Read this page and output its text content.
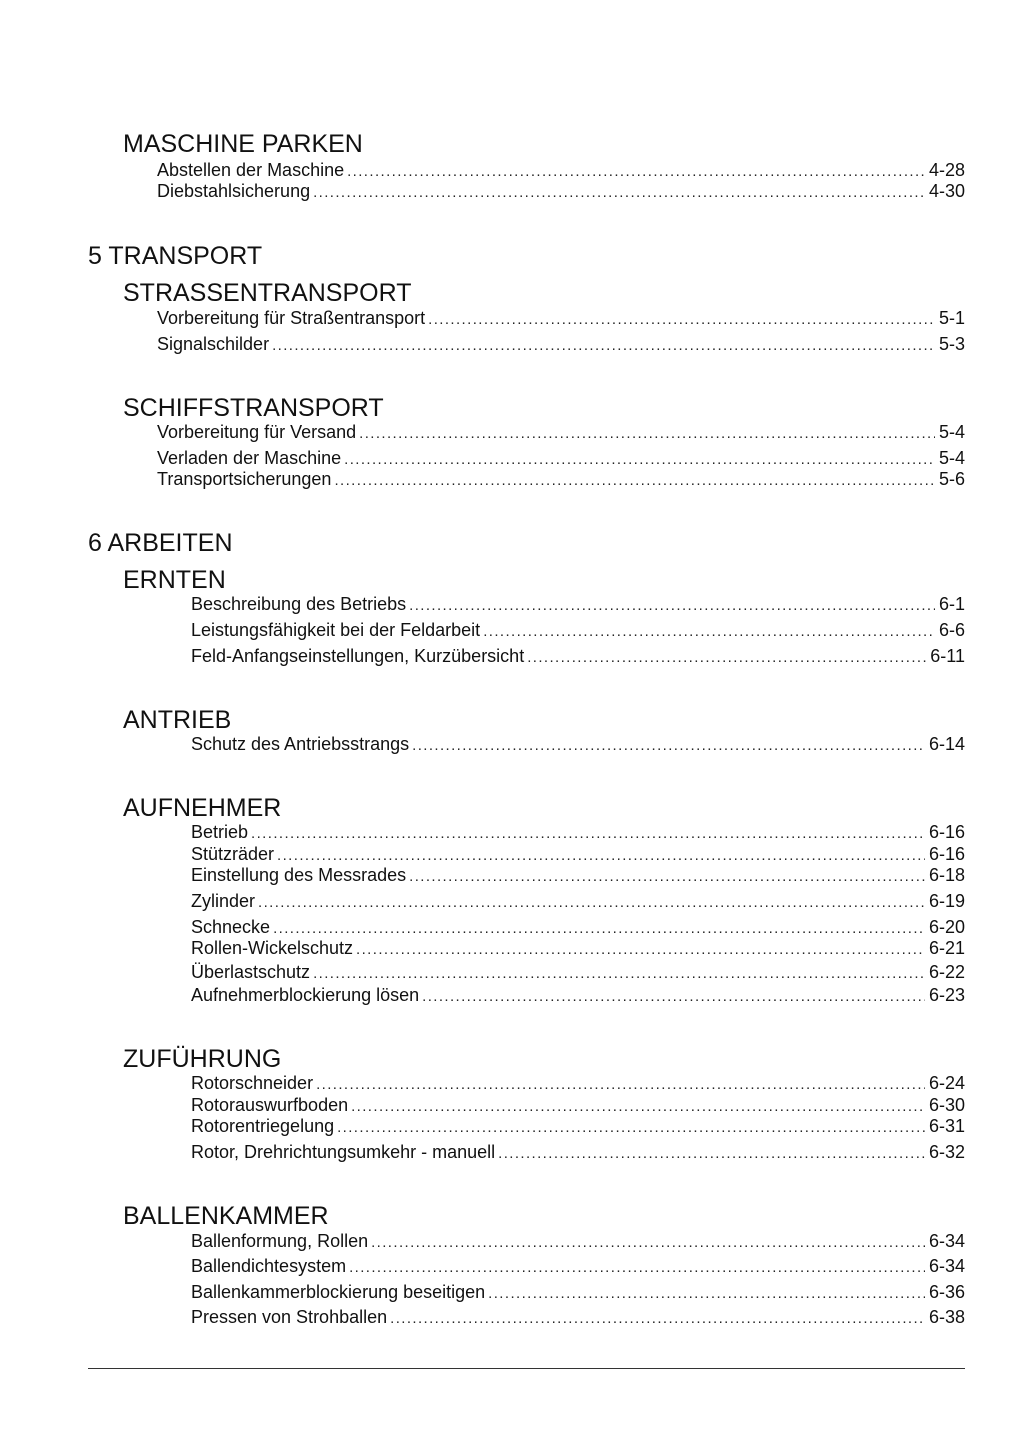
MASCHINE PARKEN
Abstellen der Maschine .....	4-28
Diebstahlsicherung .....	4-30
5 TRANSPORT
STRASSENTRANSPORT
Vorbereitung für Straßentransport .....	5-1
Signalschilder .....	5-3
SCHIFFSTRANSPORT
Vorbereitung für Versand .....	5-4
Verladen der Maschine .....	5-4
Transportsicherungen .....	5-6
6 ARBEITEN
ERNTEN
Beschreibung des Betriebs .....	6-1
Leistungsfähigkeit bei der Feldarbeit .....	6-6
Feld-Anfangseinstellungen, Kurzübersicht .....	6-11
ANTRIEB
Schutz des Antriebsstrangs .....	6-14
AUFNEHMER
Betrieb .....	6-16
Stützräder .....	6-16
Einstellung des Messrades .....	6-18
Zylinder .....	6-19
Schnecke .....	6-20
Rollen-Wickelschutz .....	6-21
Überlastschutz .....	6-22
Aufnehmerblockierung lösen .....	6-23
ZUFÜHRUNG
Rotorschneider .....	6-24
Rotorauswurfboden .....	6-30
Rotorentriegelung .....	6-31
Rotor, Drehrichtungsumkehr - manuell .....	6-32
BALLENKAMMER
Ballenformung, Rollen .....	6-34
Ballendichtesystem .....	6-34
Ballenkammerblockierung beseitigen .....	6-36
Pressen von Strohballen .....	6-38
